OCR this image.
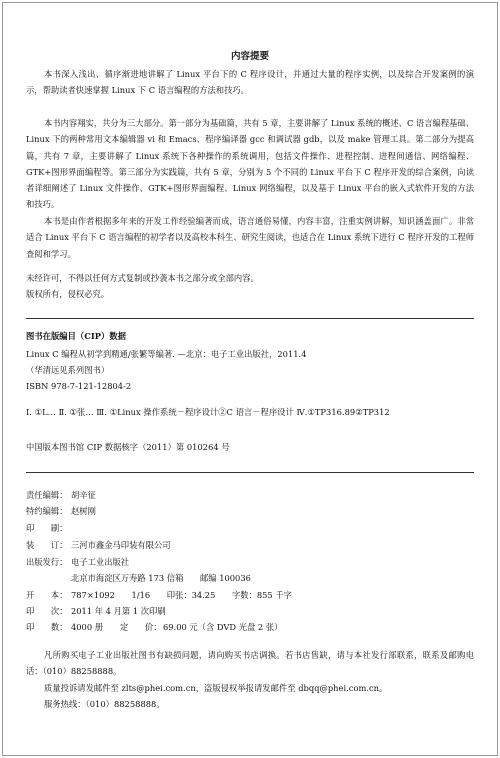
内容提要
本书深入浅出、循序渐进地讲解了 Linux 平台下的 C 程序设计，并通过大量的程序实例，以及综合开发案例的演示，帮助读者快速掌握 Linux 下 C 语言编程的方法和技巧。
本书内容翔实，共分为三大部分。第一部分为基础篇，共有 5 章，主要讲解了 Linux 系统的概述、C 语言编程基础、Linux 下的两种常用文本编辑器 vi 和 Emacs、程序编译器 gcc 和调试器 gdb，以及 make 管理工具。第二部分为提高篇，共有 7 章，主要讲解了 Linux 系统下各种操作的系统调用，包括文件操作、进程控制、进程间通信、网络编程、GTK+图形界面编程等。第三部分为实践篇，共有 5 章，分别为 5 个不同的 Linux 平台下 C 程序开发的综合案例，向读者详细阐述了 Linux 文件操作、GTK+图形界面编程、Linux 网络编程，以及基于 Linux 平台的嵌入式软件开发的方法和技巧。
本书是由作者根据多年来的开发工作经验编著而成，语言通俗易懂，内容丰富，注重实例讲解，知识涵盖面广。非常适合 Linux 平台下 C 语言编程的初学者以及高校本科生、研究生阅读，也适合在 Linux 系统下进行 C 程序开发的工程师查阅和学习。
未经许可，不得以任何方式复制或抄袭本书之部分或全部内容。
版权所有，侵权必究。
图书在版编目（CIP）数据
Linux C 编程从初学到精通/张繁等编著. —北京：电子工业出版社，2011.4
（华清远见系列图书）
ISBN 978-7-121-12804-2
Ⅰ. ①L… Ⅱ. ①张… Ⅲ. ①Linux 操作系统－程序设计②C 语言－程序设计 Ⅳ.①TP316.89②TP312
中国版本图书馆 CIP 数据核字（2011）第 010264 号
责任编辑： 胡辛征
特约编辑： 赵树刚
印　　刷：
装　　订： 三河市鑫金马印装有限公司
出版发行： 电子工业出版社
北京市海淀区万寿路 173 信箱　　邮编 100036
开　　本： 787×1092　　1/16　　印张：34.25　　字数：855 千字
印　　次： 2011 年 4 月第 1 次印刷
印　　数： 4000 册 定　　价： 69.00 元（含 DVD 光盘 2 张）
凡所购买电子工业出版社图书有缺损问题，请向购买书店调换。若书店售缺，请与本社发行部联系，联系及邮购电话：（010）88258888。
质量投诉请发邮件至 zlts@phei.com.cn，盗版侵权举报请发邮件至 dbqq@phei.com.cn。
服务热线：（010）88258888。
